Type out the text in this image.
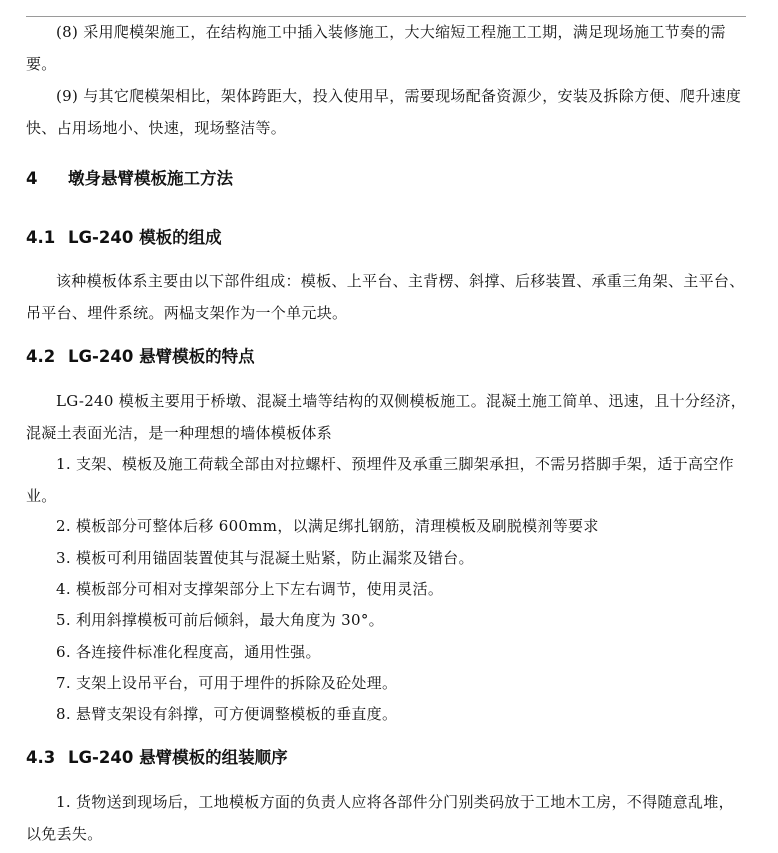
(8) 采用爬模架施工，在结构施工中插入装修施工，大大缩短工程施工工期，满足现场施工节奏的需要。

(9) 与其它爬模架相比，架体跨距大，投入使用早，需要现场配备资源少，安装及拆除方便、爬升速度快、占用场地小、快速，现场整洁等。

4 墩身悬臂模板施工方法
4.1 LG-240 模板的组成

该种模板体系主要由以下部件组成：模板、上平台、主背楞、斜撑、后移装置、承重三角架、主平台、吊平台、埋件系统。两榀支架作为一个单元块。

4.2 LG-240 悬臂模板的特点

LG-240 模板主要用于桥墩、混凝土墙等结构的双侧模板施工。混凝土施工简单、迅速，且十分经济，混凝土表面光洁，是一种理想的墙体模板体系

1. 支架、模板及施工荷载全部由对拉螺杆、预埋件及承重三脚架承担，不需另搭脚手架，适于高空作业。

2. 模板部分可整体后移 600mm，以满足绑扎钢筋，清理模板及刷脱模剂等要求

3. 模板可利用锚固装置使其与混凝土贴紧，防止漏浆及错台。

4. 模板部分可相对支撑架部分上下左右调节，使用灵活。

5. 利用斜撑模板可前后倾斜，最大角度为 30°。

6. 各连接件标准化程度高，通用性强。

7. 支架上设吊平台，可用于埋件的拆除及砼处理。

8. 悬臂支架设有斜撑，可方便调整模板的垂直度。

4.3 LG-240 悬臂模板的组装顺序

1. 货物送到现场后，工地模板方面的负责人应将各部件分门别类码放于工地木工房，不得随意乱堆，以免丢失。
